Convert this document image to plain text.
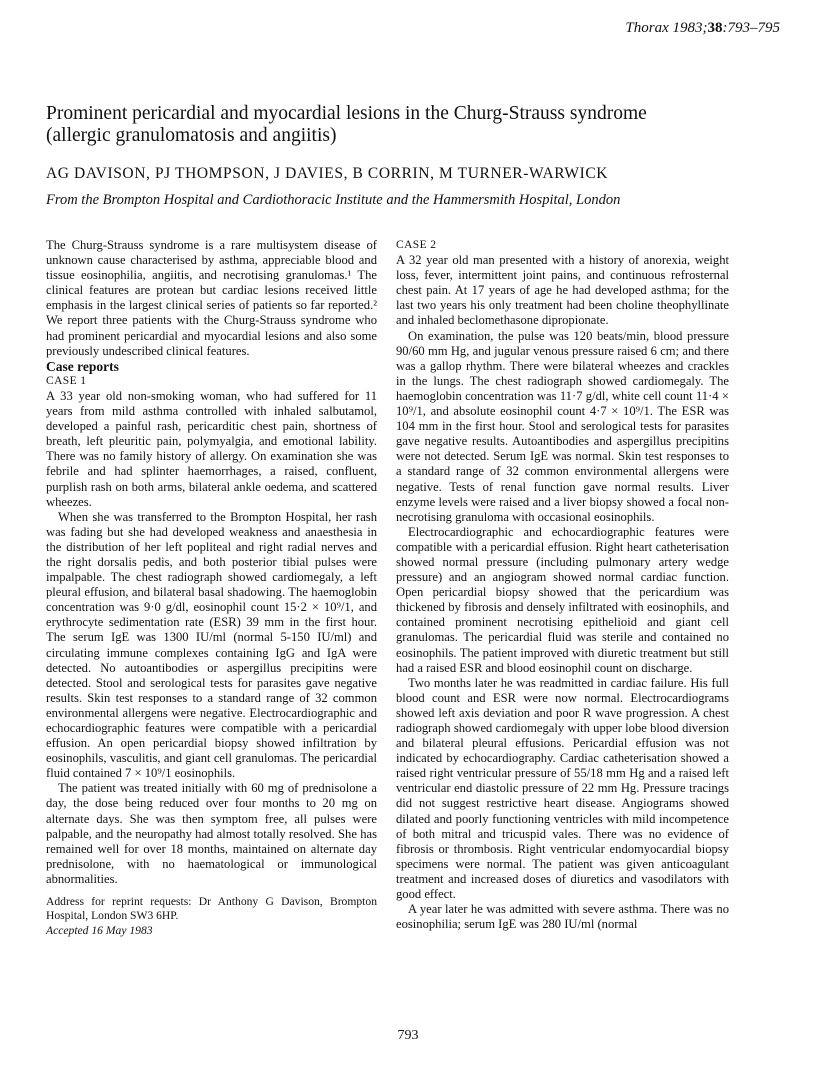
Thorax 1983;38:793–795
Prominent pericardial and myocardial lesions in the Churg-Strauss syndrome
(allergic granulomatosis and angiitis)
AG DAVISON, PJ THOMPSON, J DAVIES, B CORRIN, M TURNER-WARWICK
From the Brompton Hospital and Cardiothoracic Institute and the Hammersmith Hospital, London

The Churg-Strauss syndrome is a rare multisystem disease of unknown cause characterised by asthma, appreciable blood and tissue eosinophilia, angiitis, and necrotising granulomas.¹ The clinical features are protean but cardiac lesions received little emphasis in the largest clinical series of patients so far reported.² We report three patients with the Churg-Strauss syndrome who had prominent pericardial and myocardial lesions and also some previously undescribed clinical features.

Case reports

CASE 1

A 33 year old non-smoking woman, who had suffered for 11 years from mild asthma controlled with inhaled salbutamol, developed a painful rash, pericarditic chest pain, shortness of breath, left pleuritic pain, polymyalgia, and emotional lability. There was no family history of allergy. On examination she was febrile and had splinter haemorrhages, a raised, confluent, purplish rash on both arms, bilateral ankle oedema, and scattered wheezes.

When she was transferred to the Brompton Hospital, her rash was fading but she had developed weakness and anaesthesia in the distribution of her left popliteal and right radial nerves and the right dorsalis pedis, and both posterior tibial pulses were impalpable. The chest radiograph showed cardiomegaly, a left pleural effusion, and bilateral basal shadowing. The haemoglobin concentration was 9·0 g/dl, eosinophil count 15·2 × 10⁹/1, and erythrocyte sedimentation rate (ESR) 39 mm in the first hour. The serum IgE was 1300 IU/ml (normal 5-150 IU/ml) and circulating immune complexes containing IgG and IgA were detected. No autoantibodies or aspergillus precipitins were detected. Stool and serological tests for parasites gave negative results. Skin test responses to a standard range of 32 common environmental allergens were negative. Electrocardiographic and echocardiographic features were compatible with a pericardial effusion. An open pericardial biopsy showed infiltration by eosinophils, vasculitis, and giant cell granulomas. The pericardial fluid contained 7 × 10⁹/1 eosinophils.

The patient was treated initially with 60 mg of prednisolone a day, the dose being reduced over four months to 20 mg on alternate days. She was then symptom free, all pulses were palpable, and the neuropathy had almost totally resolved. She has remained well for over 18 months, maintained on alternate day prednisolone, with no haematological or immunological abnormalities.

Address for reprint requests: Dr Anthony G Davison, Brompton Hospital, London SW3 6HP.

Accepted 16 May 1983

CASE 2

A 32 year old man presented with a history of anorexia, weight loss, fever, intermittent joint pains, and continuous refrosternal chest pain. At 17 years of age he had developed asthma; for the last two years his only treatment had been choline theophyllinate and inhaled beclomethasone dipropionate.

On examination, the pulse was 120 beats/min, blood pressure 90/60 mm Hg, and jugular venous pressure raised 6 cm; and there was a gallop rhythm. There were bilateral wheezes and crackles in the lungs. The chest radiograph showed cardiomegaly. The haemoglobin concentration was 11·7 g/dl, white cell count 11·4 × 10⁹/1, and absolute eosinophil count 4·7 × 10⁹/1. The ESR was 104 mm in the first hour. Stool and serological tests for parasites gave negative results. Autoantibodies and aspergillus precipitins were not detected. Serum IgE was normal. Skin test responses to a standard range of 32 common environmental allergens were negative. Tests of renal function gave normal results. Liver enzyme levels were raised and a liver biopsy showed a focal non-necrotising granuloma with occasional eosinophils.

Electrocardiographic and echocardiographic features were compatible with a pericardial effusion. Right heart catheterisation showed normal pressure (including pulmonary artery wedge pressure) and an angiogram showed normal cardiac function. Open pericardial biopsy showed that the pericardium was thickened by fibrosis and densely infiltrated with eosinophils, and contained prominent necrotising epithelioid and giant cell granulomas. The pericardial fluid was sterile and contained no eosinophils. The patient improved with diuretic treatment but still had a raised ESR and blood eosinophil count on discharge.

Two months later he was readmitted in cardiac failure. His full blood count and ESR were now normal. Electrocardiograms showed left axis deviation and poor R wave progression. A chest radiograph showed cardiomegaly with upper lobe blood diversion and bilateral pleural effusions. Pericardial effusion was not indicated by echocardiography. Cardiac catheterisation showed a raised right ventricular pressure of 55/18 mm Hg and a raised left ventricular end diastolic pressure of 22 mm Hg. Pressure tracings did not suggest restrictive heart disease. Angiograms showed dilated and poorly functioning ventricles with mild incompetence of both mitral and tricuspid vales. There was no evidence of fibrosis or thrombosis. Right ventricular endomyocardial biopsy specimens were normal. The patient was given anticoagulant treatment and increased doses of diuretics and vasodilators with good effect.

A year later he was admitted with severe asthma. There was no eosinophilia; serum IgE was 280 IU/ml (normal

793
